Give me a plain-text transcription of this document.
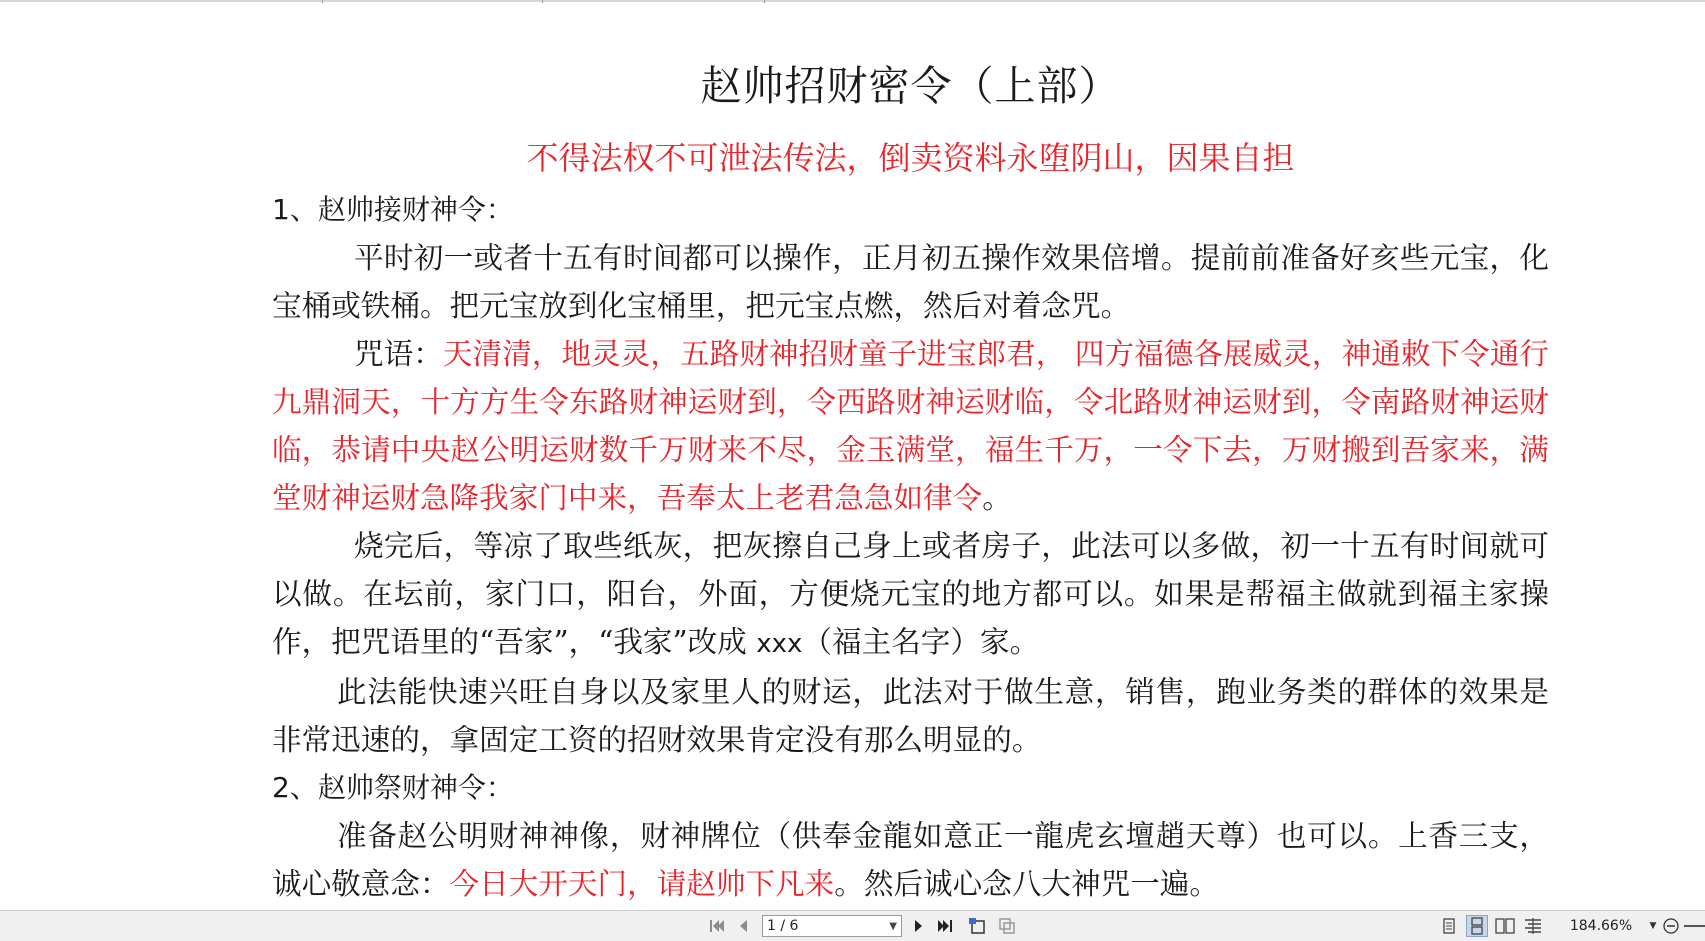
赵帅招财密令（上部）
不得法权不可泄法传法，倒卖资料永堕阴山，因果自担

1、赵帅接财神令：

平时初一或者十五有时间都可以操作，正月初五操作效果倍增。提前前准备好亥些元宝，化宝桶或铁桶。把元宝放到化宝桶里，把元宝点燃，然后对着念咒。

咒语：天清清，地灵灵，五路财神招财童子进宝郎君， 四方福德各展威灵，神通敕下令通行九鼎洞天，十方方生令东路财神运财到，令西路财神运财临，令北路财神运财到，令南路财神运财临，恭请中央赵公明运财数千万财来不尽，金玉满堂，福生千万，一令下去，万财搬到吾家来，满堂财神运财急降我家门中来，吾奉太上老君急急如律令。

烧完后，等凉了取些纸灰，把灰擦自己身上或者房子，此法可以多做，初一十五有时间就可以做。在坛前，家门口，阳台，外面，方便烧元宝的地方都可以。如果是帮福主做就到福主家操作，把咒语里的“吾家”，“我家”改成 xxx（福主名字）家。

此法能快速兴旺自身以及家里人的财运，此法对于做生意，销售，跑业务类的群体的效果是非常迅速的，拿固定工资的招财效果肯定没有那么明显的。

2、赵帅祭财神令：

准备赵公明财神神像，财神牌位（供奉金龍如意正一龍虎玄壇趙天尊）也可以。上香三支，诚心敬意念：今日大开天门，请赵帅下凡来。然后诚心念八大神咒一遍。

1 / 6	▼	184.66%	▼
